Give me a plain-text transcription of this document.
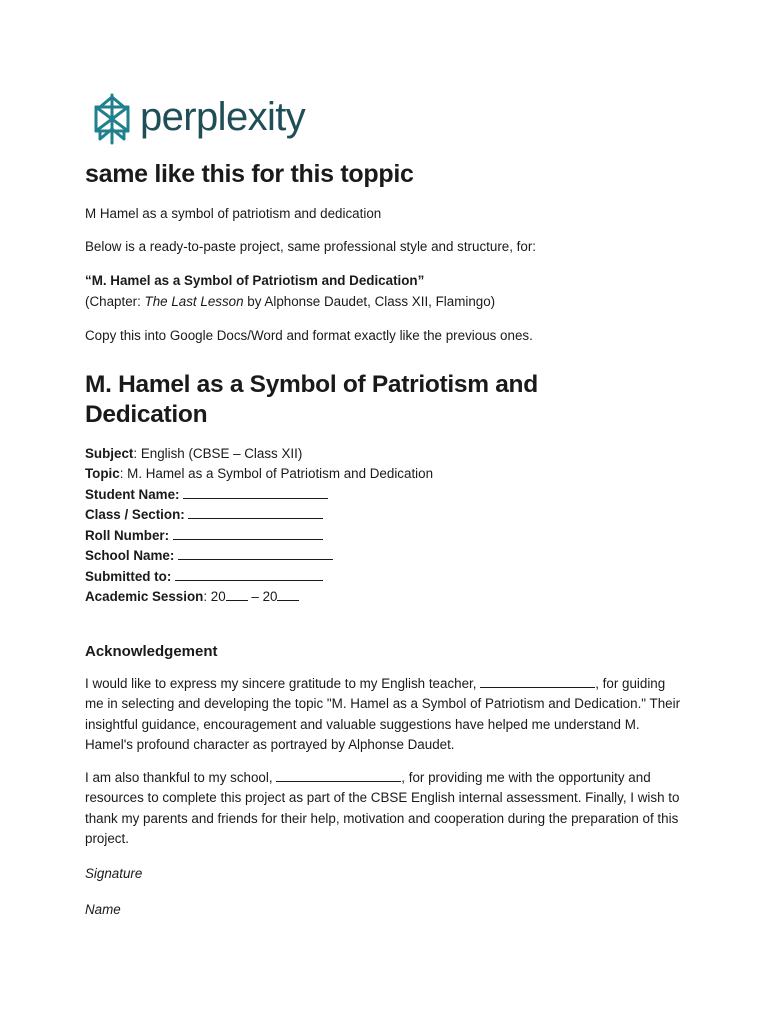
perplexity
same like this for this toppic
M Hamel as a symbol of patriotism and dedication
Below is a ready-to-paste project, same professional style and structure, for:
“M. Hamel as a Symbol of Patriotism and Dedication”
(Chapter: The Last Lesson by Alphonse Daudet, Class XII, Flamingo)
Copy this into Google Docs/Word and format exactly like the previous ones.
M. Hamel as a Symbol of Patriotism and Dedication
Subject: English (CBSE – Class XII)
Topic: M. Hamel as a Symbol of Patriotism and Dedication
Student Name:
Class / Section:
Roll Number:
School Name:
Submitted to:
Academic Session: 20 – 20
Acknowledgement
I would like to express my sincere gratitude to my English teacher,	, for guiding me in selecting and developing the topic "M. Hamel as a Symbol of Patriotism and Dedication." Their insightful guidance, encouragement and valuable suggestions have helped me understand M. Hamel's profound character as portrayed by Alphonse Daudet.
I am also thankful to my school,	, for providing me with the opportunity and resources to complete this project as part of the CBSE English internal assessment. Finally, I wish to thank my parents and friends for their help, motivation and cooperation during the preparation of this project.
Signature
Name
